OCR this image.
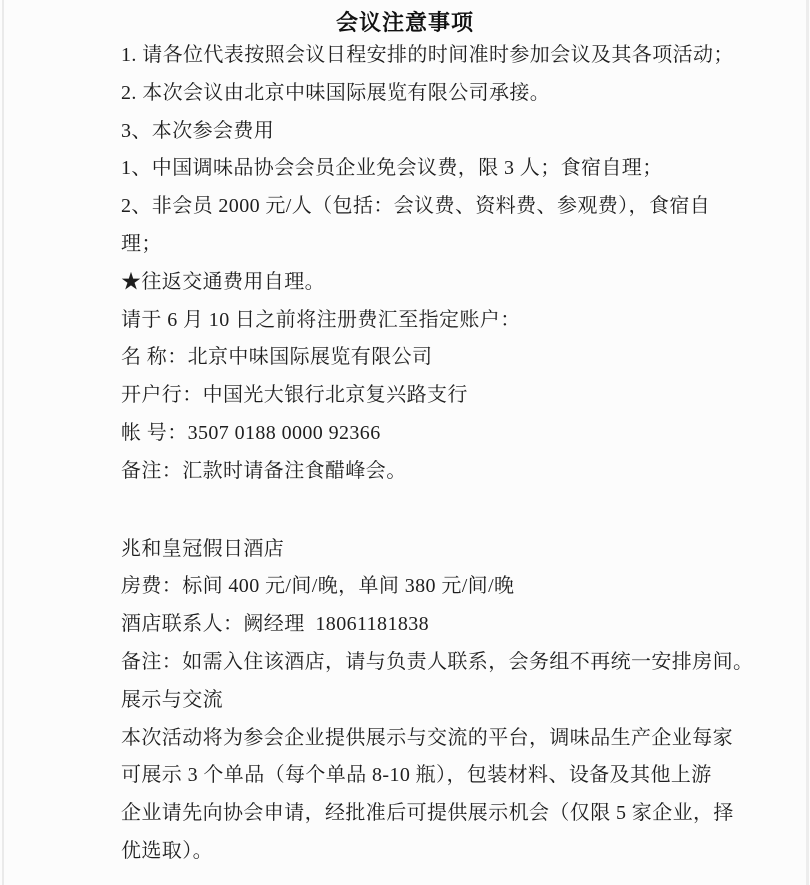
会议注意事项
1. 请各位代表按照会议日程安排的时间准时参加会议及其各项活动；
2. 本次会议由北京中味国际展览有限公司承接。
3、本次参会费用
1、中国调味品协会会员企业免会议费，限 3 人；食宿自理；
2、非会员 2000 元/人（包括：会议费、资料费、参观费），食宿自
理；
★往返交通费用自理。
请于 6 月 10 日之前将注册费汇至指定账户：
名 称：北京中味国际展览有限公司
开户行：中国光大银行北京复兴路支行
帐 号：3507 0188 0000 92366
备注：汇款时请备注食醋峰会。
兆和皇冠假日酒店
房费：标间 400 元/间/晚，单间 380 元/间/晚
酒店联系人：阙经理  18061181838
备注：如需入住该酒店，请与负责人联系，会务组不再统一安排房间。
展示与交流
本次活动将为参会企业提供展示与交流的平台，调味品生产企业每家
可展示 3 个单品（每个单品 8-10 瓶），包装材料、设备及其他上游
企业请先向协会申请，经批准后可提供展示机会（仅限 5 家企业，择
优选取）。
